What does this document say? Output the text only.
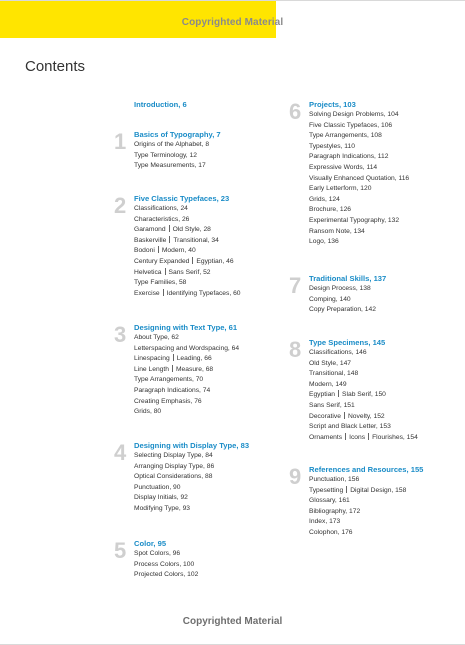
Copyrighted Material
Contents
Introduction, 6
1 Basics of Typography, 7
Origins of the Alphabet, 8
Type Terminology, 12
Type Measurements, 17
2 Five Classic Typefaces, 23
Classifications, 24
Characteristics, 26
Garamond Old Style, 28
Baskerville Transitional, 34
Bodoni Modern, 40
Century Expanded Egyptian, 46
Helvetica Sans Serif, 52
Type Families, 58
Exercise Identifying Typefaces, 60
3 Designing with Text Type, 61
About Type, 62
Letterspacing and Wordspacing, 64
Linespacing Leading, 66
Line Length Measure, 68
Type Arrangements, 70
Paragraph Indications, 74
Creating Emphasis, 76
Grids, 80
4 Designing with Display Type, 83
Selecting Display Type, 84
Arranging Display Type, 86
Optical Considerations, 88
Punctuation, 90
Display Initials, 92
Modifying Type, 93
5 Color, 95
Spot Colors, 96
Process Colors, 100
Projected Colors, 102
6 Projects, 103
Solving Design Problems, 104
Five Classic Typefaces, 106
Type Arrangements, 108
Typestyles, 110
Paragraph Indications, 112
Expressive Words, 114
Visually Enhanced Quotation, 116
Early Letterform, 120
Grids, 124
Brochure, 126
Experimental Typography, 132
Ransom Note, 134
Logo, 136
7 Traditional Skills, 137
Design Process, 138
Comping, 140
Copy Preparation, 142
8 Type Specimens, 145
Classifications, 146
Old Style, 147
Transitional, 148
Modern, 149
Egyptian Slab Serif, 150
Sans Serif, 151
Decorative Novelty, 152
Script and Black Letter, 153
Ornaments Icons Flourishes, 154
9 References and Resources, 155
Punctuation, 156
Typesetting Digital Design, 158
Glossary, 161
Bibliography, 172
Index, 173
Colophon, 176
Copyrighted Material
